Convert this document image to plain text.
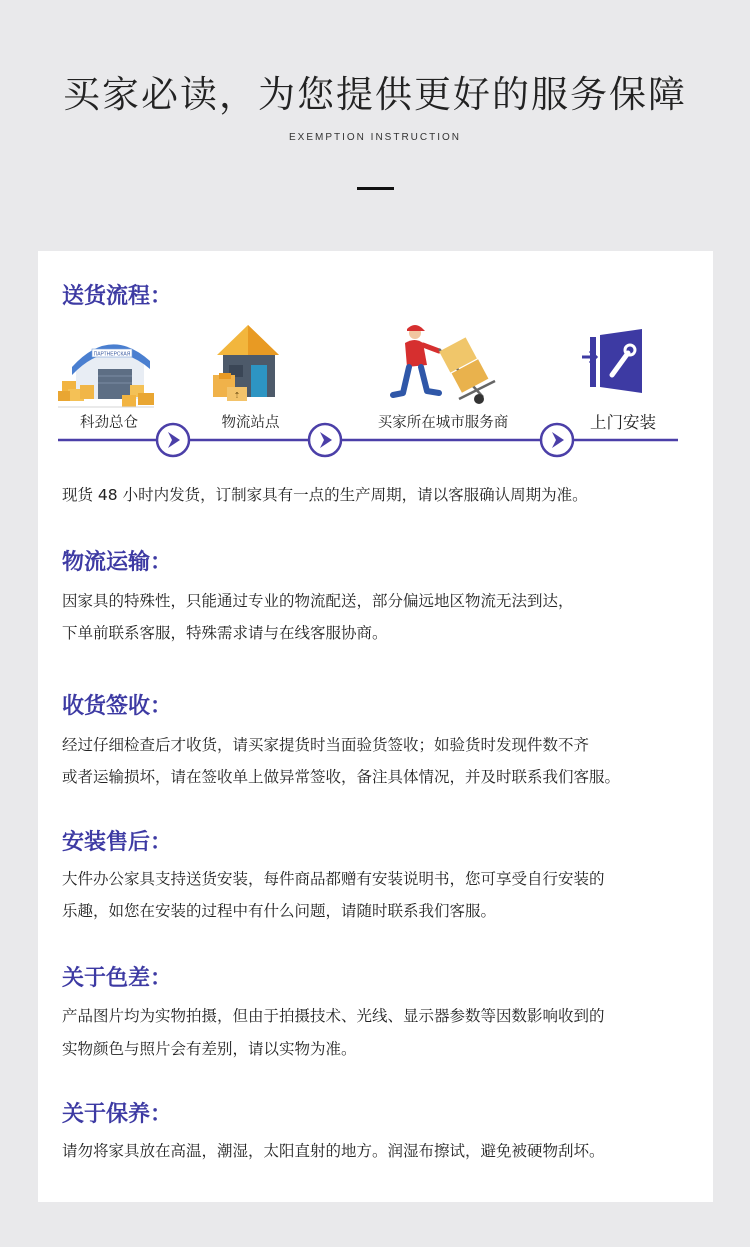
买家必读，为您提供更好的服务保障
EXEMPTION INSTRUCTION
送货流程：
ПАРТНЕРСКАЯ
⇡
科劲总仓	物流站点	买家所在城市服务商	上门安装

现货 48 小时内发货，订制家具有一点的生产周期，请以客服确认周期为准。

物流运输：

因家具的特殊性，只能通过专业的物流配送，部分偏远地区物流无法到达，

下单前联系客服，特殊需求请与在线客服协商。

收货签收：

经过仔细检查后才收货，请买家提货时当面验货签收；如验货时发现件数不齐

或者运输损坏，请在签收单上做异常签收，备注具体情况，并及时联系我们客服。

安装售后：

大件办公家具支持送货安装，每件商品都赠有安装说明书，您可享受自行安装的

乐趣，如您在安装的过程中有什么问题，请随时联系我们客服。

关于色差：

产品图片均为实物拍摄，但由于拍摄技术、光线、显示器参数等因数影响收到的

实物颜色与照片会有差别，请以实物为准。

关于保养：

请勿将家具放在高温，潮湿，太阳直射的地方。润湿布擦试，避免被硬物刮坏。
